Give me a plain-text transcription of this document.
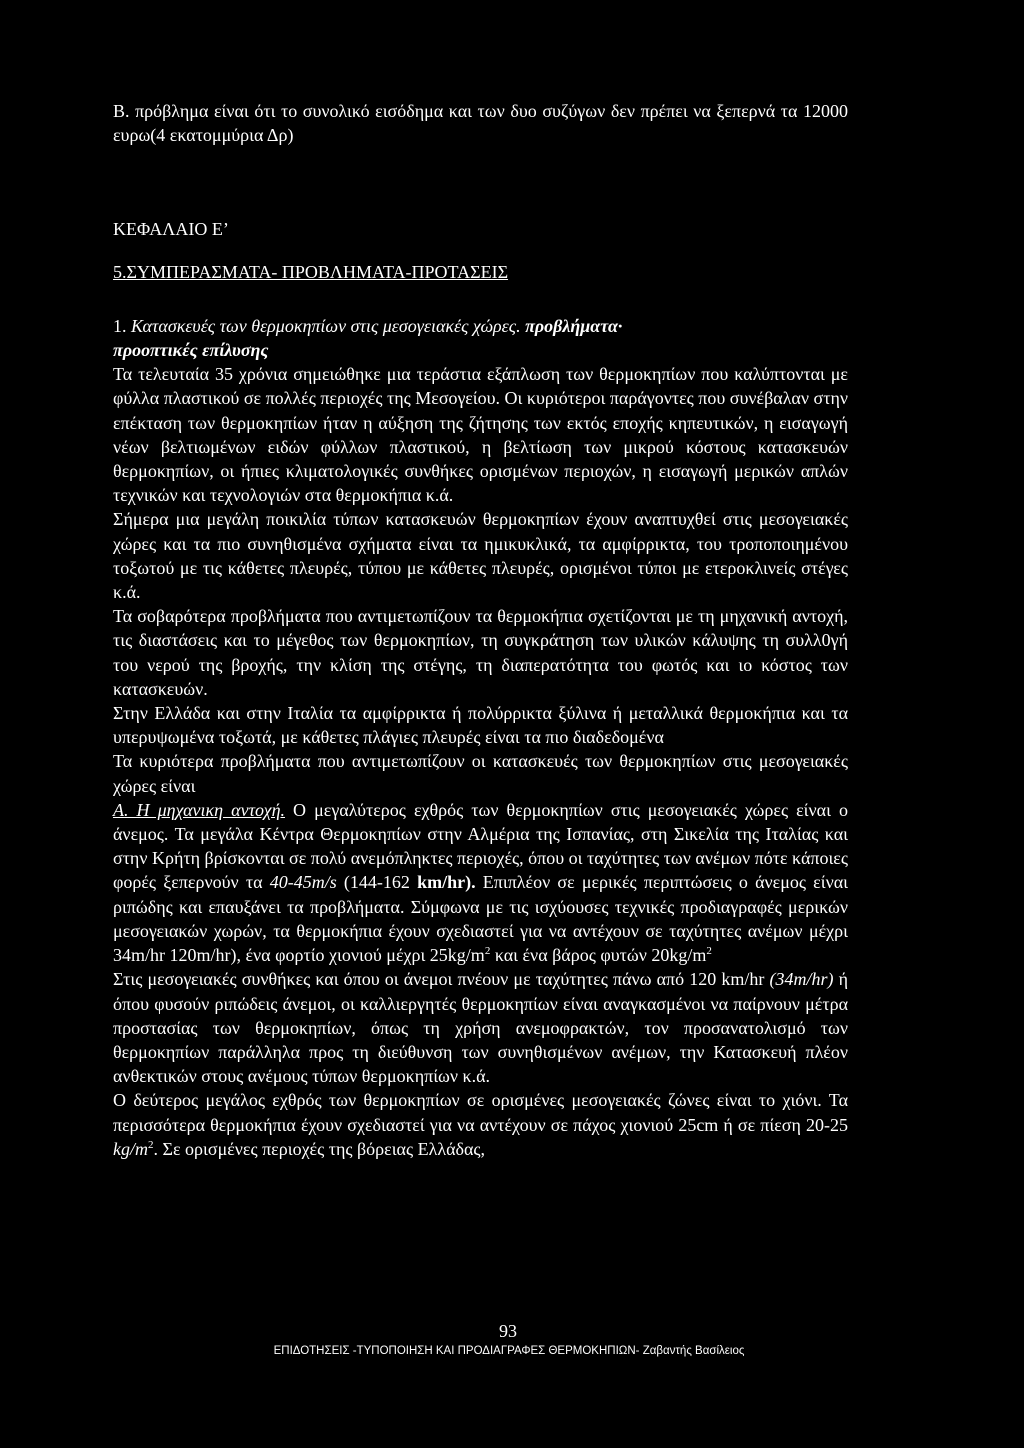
Β. πρόβλημα είναι ότι το συνολικό εισόδημα και των δυο συζύγων δεν πρέπει να ξεπερνά τα 12000 ευρω(4 εκατομμύρια Δρ)

ΚΕΦΑΛΑΙΟ Ε’

5.ΣΥΜΠΕΡΑΣΜΑΤΑ- ΠΡΟΒΛΗΜΑΤΑ-ΠΡΟΤΑΣΕΙΣ

1. Κατασκευές των θερμοκηπίων στις μεσογειακές χώρες. προβλήματα·
προοπτικές επίλυσης

Τα τελευταία 35 χρόνια σημειώθηκε μια τεράστια εξάπλωση των θερμοκηπίων που καλύπτονται με φύλλα πλαστικού σε πολλές περιοχές της Μεσογείου. Οι κυριότεροι παράγοντες που συνέβαλαν στην επέκταση των θερμοκηπίων ήταν η αύξηση της ζήτησης των εκτός εποχής κηπευτικών, η εισαγωγή νέων βελτιωμένων ειδών φύλλων πλαστικού, η βελτίωση των μικρού κόστους κατασκευών θερμοκηπίων, οι ήπιες κλιματολογικές συνθήκες ορισμένων περιοχών, η εισαγωγή μερικών απλών τεχνικών και τεχνολογιών στα θερμοκήπια κ.ά.

Σήμερα μια μεγάλη ποικιλία τύπων κατασκευών θερμοκηπίων έχουν αναπτυχθεί στις μεσογειακές χώρες και τα πιο συνηθισμένα σχήματα είναι τα ημικυκλικά, τα αμφίρρικτα, του τροποποιημένου τοξωτού με τις κάθετες πλευρές, τύπου με κάθετες πλευρές, ορισμένοι τύποι με ετεροκλινείς στέγες κ.ά.

Τα σοβαρότερα προβλήματα που αντιμετωπίζουν τα θερμοκήπια σχετίζονται με τη μηχανική αντοχή, τις διαστάσεις και το μέγεθος των θερμοκηπίων, τη συγκράτηση των υλικών κάλυψης τη συλλ0γή του νερού της βροχής, την κλίση της στέγης, τη διαπερατότητα του φωτός και ιο κόστος των κατασκευών.

Στην Ελλάδα και στην Ιταλία τα αμφίρρικτα ή πολύρρικτα ξύλινα ή μεταλλικά θερμοκήπια και τα υπερυψωμένα τοξωτά, με κάθετες πλάγιες πλευρές είναι τα πιο διαδεδομένα

Τα κυριότερα προβλήματα που αντιμετωπίζουν οι κατασκευές των θερμοκηπίων στις μεσογειακές χώρες είναι

Α. Η μηχανικη αντοχή. Ο μεγαλύτερος εχθρός των θερμοκηπίων στις μεσογειακές χώρες είναι ο άνεμος. Τα μεγάλα Κέντρα Θερμοκηπίων στην Αλμέρια της Ισπανίας, στη Σικελία της Ιταλίας και στην Κρήτη βρίσκονται σε πολύ ανεμόπληκτες περιοχές, όπου οι ταχύτητες των ανέμων πότε κάποιες φορές ξεπερνούν τα 40-45m/s (144-162 km/hr). Επιπλέον σε μερικές περιπτώσεις ο άνεμος είναι ριπώδης και επαυξάνει τα προβλήματα. Σύμφωνα με τις ισχύουσες τεχνικές προδιαγραφές μερικών μεσογειακών χωρών, τα θερμοκήπια έχουν σχεδιαστεί για να αντέχουν σε ταχύτητες ανέμων μέχρι 34m/hr 120m/hr), ένα φορτίο χιονιού μέχρι $25kg/m^2$ και ένα βάρος φυτών $20kg/m^2$

Στις μεσογειακές συνθήκες και όπου οι άνεμοι πνέουν με ταχύτητες πάνω από 120 km/hr (34m/hr) ή όπου φυσούν ριπώδεις άνεμοι, οι καλλιεργητές θερμοκηπίων είναι αναγκασμένοι να παίρνουν μέτρα προστασίας των θερμοκηπίων, όπως τη χρήση ανεμοφρακτών, τον προσανατολισμό των θερμοκηπίων παράλληλα προς τη διεύθυνση των συνηθισμένων ανέμων, την Κατασκευή πλέον ανθεκτικών στους ανέμους τύπων θερμοκηπίων κ.ά.

Ο δεύτερος μεγάλος εχθρός των θερμοκηπίων σε ορισμένες μεσογειακές ζώνες είναι το χιόνι. Τα περισσότερα θερμοκήπια έχουν σχεδιαστεί για να αντέχουν σε πάχος χιονιού 25cm ή σε πίεση 20-25 $kg/m^2$. Σε ορισμένες περιοχές της βόρειας Ελλάδας,

93
ΕΠΙΔΟΤΗΣΕΙΣ -ΤΥΠΟΠΟΙΗΣΗ ΚΑΙ ΠΡΟΔΙΑΓΡΑΦΕΣ ΘΕΡΜΟΚΗΠΙΩΝ- Ζαβαντής Βασίλειος
